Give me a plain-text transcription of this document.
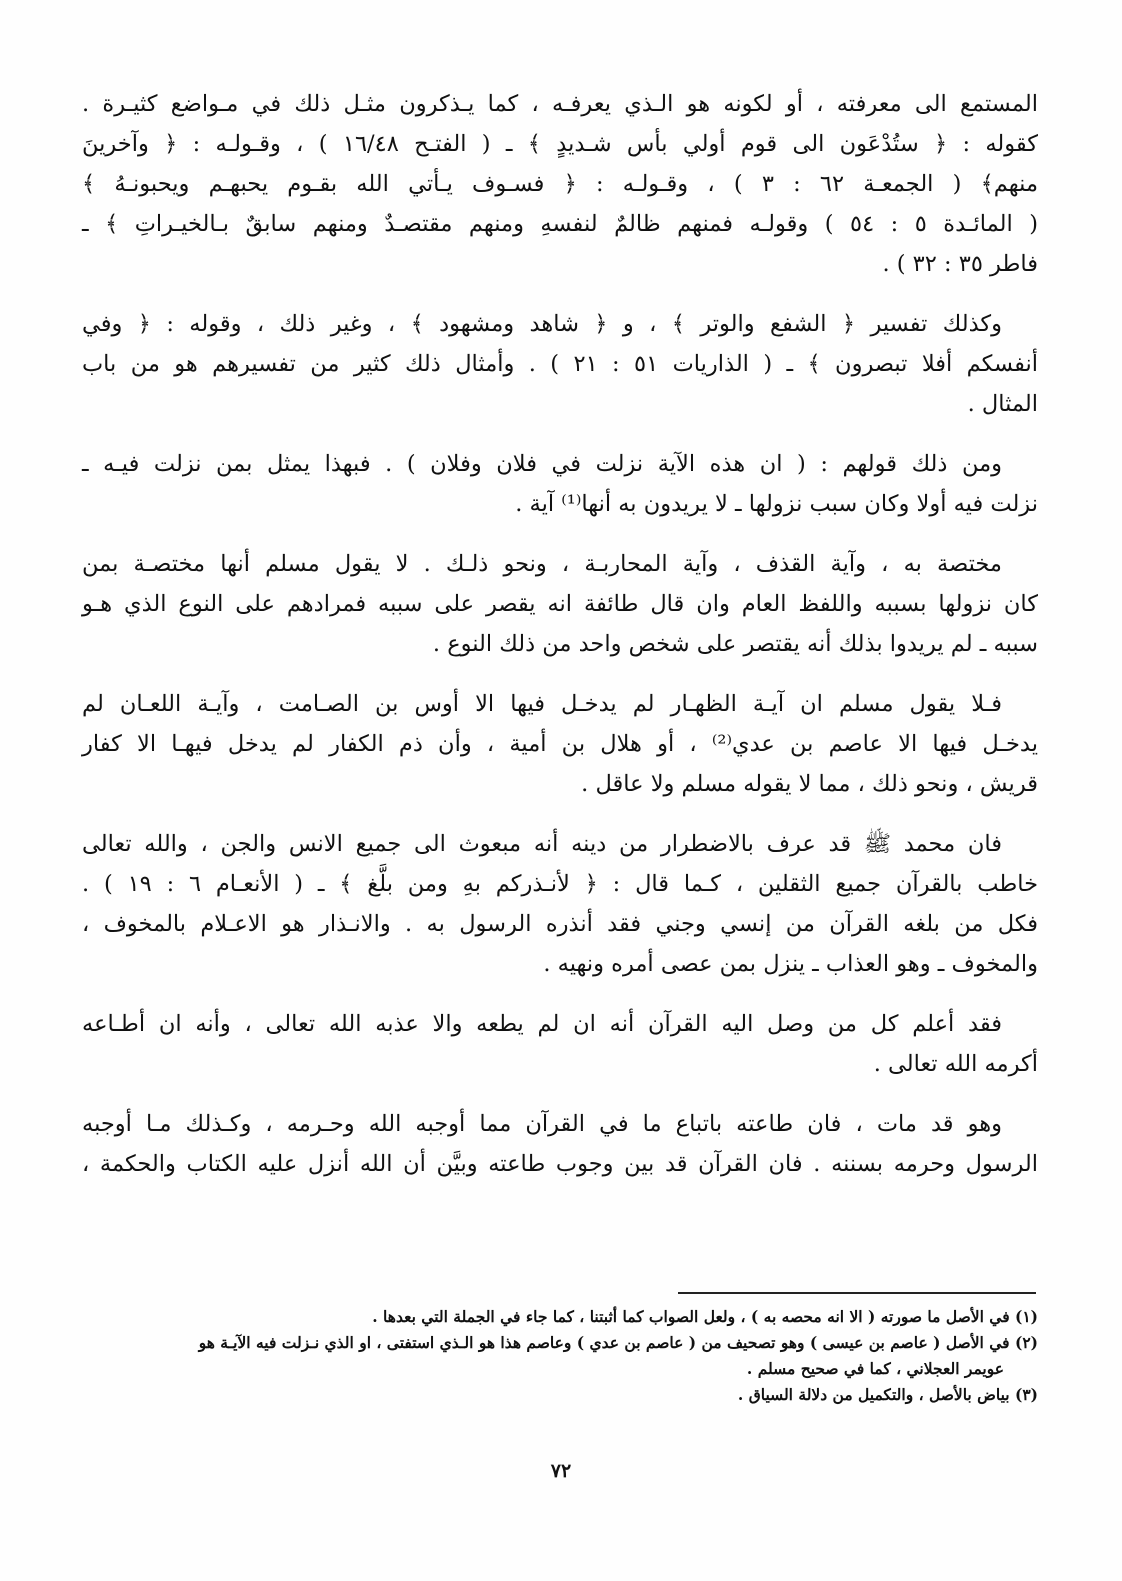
المستمع الى معرفته ، أو لكونه هو الـذي يعرفـه ، كما يـذكرون مثـل ذلك في مـواضع كثيـرة .
كقوله : ﴿ ستُدْعَون الى قوم أولي بأس شـديدٍ ﴾ ـ ( الفتـح ١٦/٤٨ ) ، وقـولـه : ﴿ وآخرينَ
منهم﴾ ( الجمعـة ٦٢ : ٣ ) ، وقـولـه : ﴿ فسـوف يـأتي الله بقـوم يحبهـم ويحبونـهُ ﴾
( المائـدة ٥ : ٥٤ ) وقولـه فمنهم ظالمٌ لنفسهِ ومنهم مقتصـدٌ ومنهم سابقٌ بـالخيـراتِ ﴾ ـ
فاطر ٣٥ : ٣٢ ) .
وكذلك تفسير ﴿ الشفع والوتر ﴾ ، و ﴿ شاهد ومشهود ﴾ ، وغير ذلك ، وقوله : ﴿ وفي
أنفسكم أفلا تبصرون ﴾ ـ ( الذاريات ٥١ : ٢١ ) . وأمثال ذلك كثير من تفسيرهم هو من باب
المثال .
ومن ذلك قولهم : ( ان هذه الآية نزلت في فلان وفلان ) . فبهذا يمثل بمن نزلت فيـه ـ
نزلت فيه أولا وكان سبب نزولها ـ لا يريدون به أنها⁽¹⁾ آية .
مختصة به ، وآية القذف ، وآية المحاربـة ، ونحو ذلـك . لا يقول مسلم أنها مختصـة بمن
كان نزولها بسببه واللفظ العام وان قال طائفة انه يقصر على سببه فمرادهم على النوع الذي هـو
سببه ـ لم يريدوا بذلك أنه يقتصر على شخص واحد من ذلك النوع .
فـلا يقول مسلم ان آيـة الظهـار لم يدخـل فيها الا أوس بن الصـامت ، وآيـة اللعـان لم
يدخـل فيها الا عاصم بن عدي⁽²⁾ ، أو هلال بن أمية ، وأن ذم الكفار لم يدخل فيهـا الا كفار
قريش ، ونحو ذلك ، مما لا يقوله مسلم ولا عاقل .
فان محمد ﷺ قد عرف بالاضطرار من دينه أنه مبعوث الى جميع الانس والجن ، والله تعالى
خاطب بالقرآن جميع الثقلين ، كـما قال : ﴿ لأنـذركم بهِ ومن بلَّغ ﴾ ـ ( الأنعـام ٦ : ١٩ ) .
فكل من بلغه القرآن من إنسي وجني فقد أنذره الرسول به . والانـذار هو الاعـلام بالمخوف ،
والمخوف ـ وهو العذاب ـ ينزل بمن عصى أمره ونهيه .
فقد أعلم كل من وصل اليه القرآن أنه ان لم يطعه والا عذبه الله تعالى ، وأنه ان أطـاعه
أكرمه الله تعالى .
وهو قد مات ، فان طاعته باتباع ما في القرآن مما أوجبه الله وحـرمه ، وكـذلك مـا أوجبه
الرسول وحرمه بسننه . فان القرآن قد بين وجوب طاعته وبيَّن أن الله أنزل عليه الكتاب والحكمة ،
(١) في الأصل ما صورته ( الا انه محصه به ) ، ولعل الصواب كما أثبتنا ، كما جاء في الجملة التي بعدها .
(٢) في الأصل ( عاصم بن عيسى ) وهو تصحيف من ( عاصم بن عدي ) وعاصم هذا هو الـذي استفتى ، او الذي نـزلت فيه الآيـة هو
عويمر العجلاني ، كما في صحيح مسلم .
(٣) بياض بالأصل ، والتكميل من دلالة السياق .
٧٢
